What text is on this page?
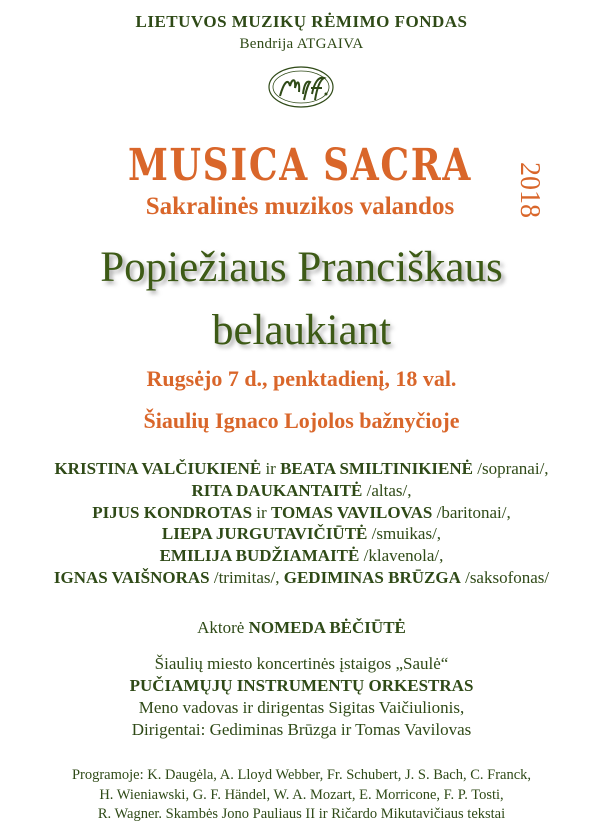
LIETUVOS MUZIKŲ RĖMIMO FONDAS
Bendrija ATGAIVA
MUSICA SACRA
Sakralinės muzikos valandos	2018
Popiežiaus Pranciškaus
belaukiant
Rugsėjo 7 d., penktadienį, 18 val.
Šiaulių Ignaco Lojolos bažnyčioje
KRISTINA VALČIUKIENĖ ir BEATA SMILTINIKIENĖ /sopranai/,
RITA DAUKANTAITĖ /altas/,
PIJUS KONDROTAS ir TOMAS VAVILOVAS /baritonai/,
LIEPA JURGUTAVIČIŪTĖ /smuikas/,
EMILIJA BUDŽIAMAITĖ /klavenola/,
IGNAS VAIŠNORAS /trimitas/, GEDIMINAS BRŪZGA /saksofonas/
Aktorė NOMEDA BĖČIŪTĖ
Šiaulių miesto koncertinės įstaigos „Saulė“
PUČIAMŲJŲ INSTRUMENTŲ ORKESTRAS
Meno vadovas ir dirigentas Sigitas Vaičiulionis,
Dirigentai: Gediminas Brūzga ir Tomas Vavilovas
Programoje: K. Daugėla, A. Lloyd Webber, Fr. Schubert, J. S. Bach, C. Franck,
H. Wieniawski, G. F. Händel, W. A. Mozart, E. Morricone, F. P. Tosti,
R. Wagner. Skambės Jono Pauliaus II ir Ričardo Mikutavičiaus tekstai
